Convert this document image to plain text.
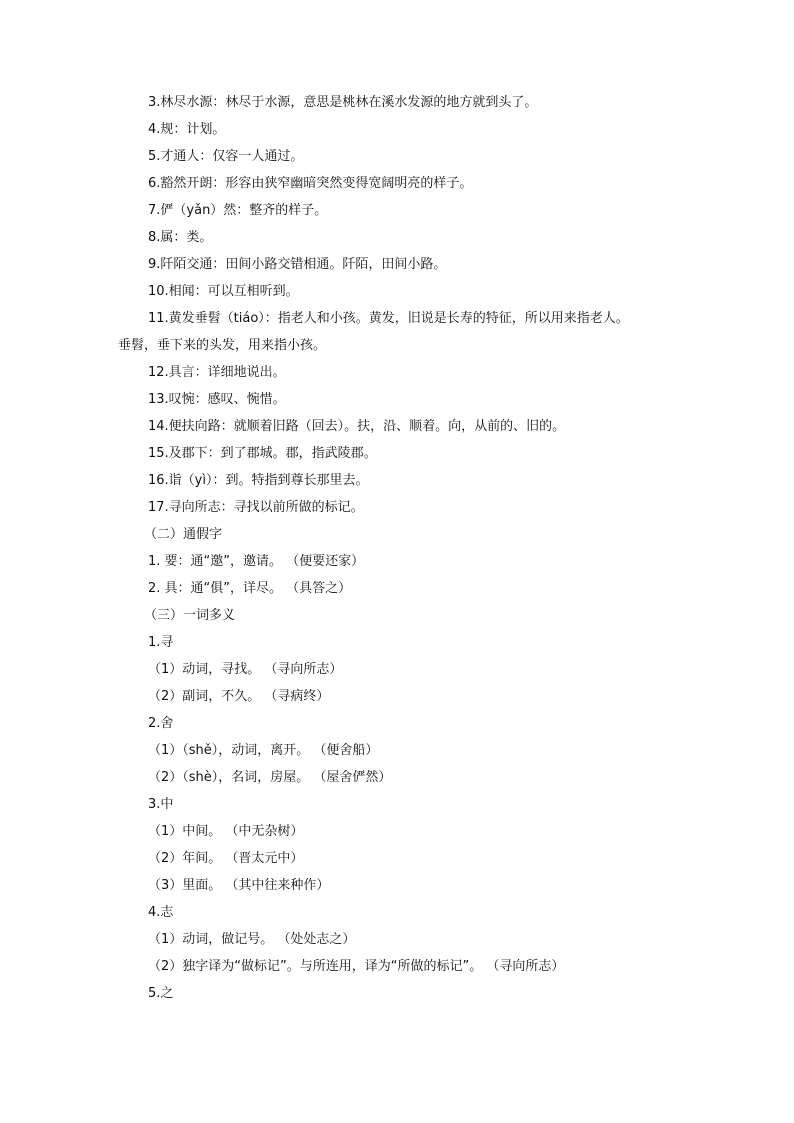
3.林尽水源：林尽于水源，意思是桃林在溪水发源的地方就到头了。
4.规：计划。
5.才通人：仅容一人通过。
6.豁然开朗：形容由狭窄幽暗突然变得宽阔明亮的样子。
7.俨（yǎn）然：整齐的样子。
8.属：类。
9.阡陌交通：田间小路交错相通。阡陌，田间小路。
10.相闻：可以互相听到。
11.黄发垂髫（tiáo）：指老人和小孩。黄发，旧说是长寿的特征，所以用来指老人。
垂髫，垂下来的头发，用来指小孩。
12.具言：详细地说出。
13.叹惋：感叹、惋惜。
14.便扶向路：就顺着旧路（回去）。扶，沿、顺着。向，从前的、旧的。
15.及郡下：到了郡城。郡，指武陵郡。
16.诣（yì）：到。特指到尊长那里去。
17.寻向所志：寻找以前所做的标记。
（二）通假字
1. 要：通“邀”，邀请。 （便要还家）
2. 具：通“俱”，详尽。 （具答之）
（三）一词多义
1.寻
（1）动词，寻找。 （寻向所志）
（2）副词，不久。 （寻病终）
2.舍
（1）（shě），动词，离开。 （便舍船）
（2）（shè），名词，房屋。 （屋舍俨然）
3.中
（1）中间。 （中无杂树）
（2）年间。 （晋太元中）
（3）里面。 （其中往来种作）
4.志
（1）动词，做记号。 （处处志之）
（2）独字译为“做标记”。与所连用，译为“所做的标记”。 （寻向所志）
5.之
